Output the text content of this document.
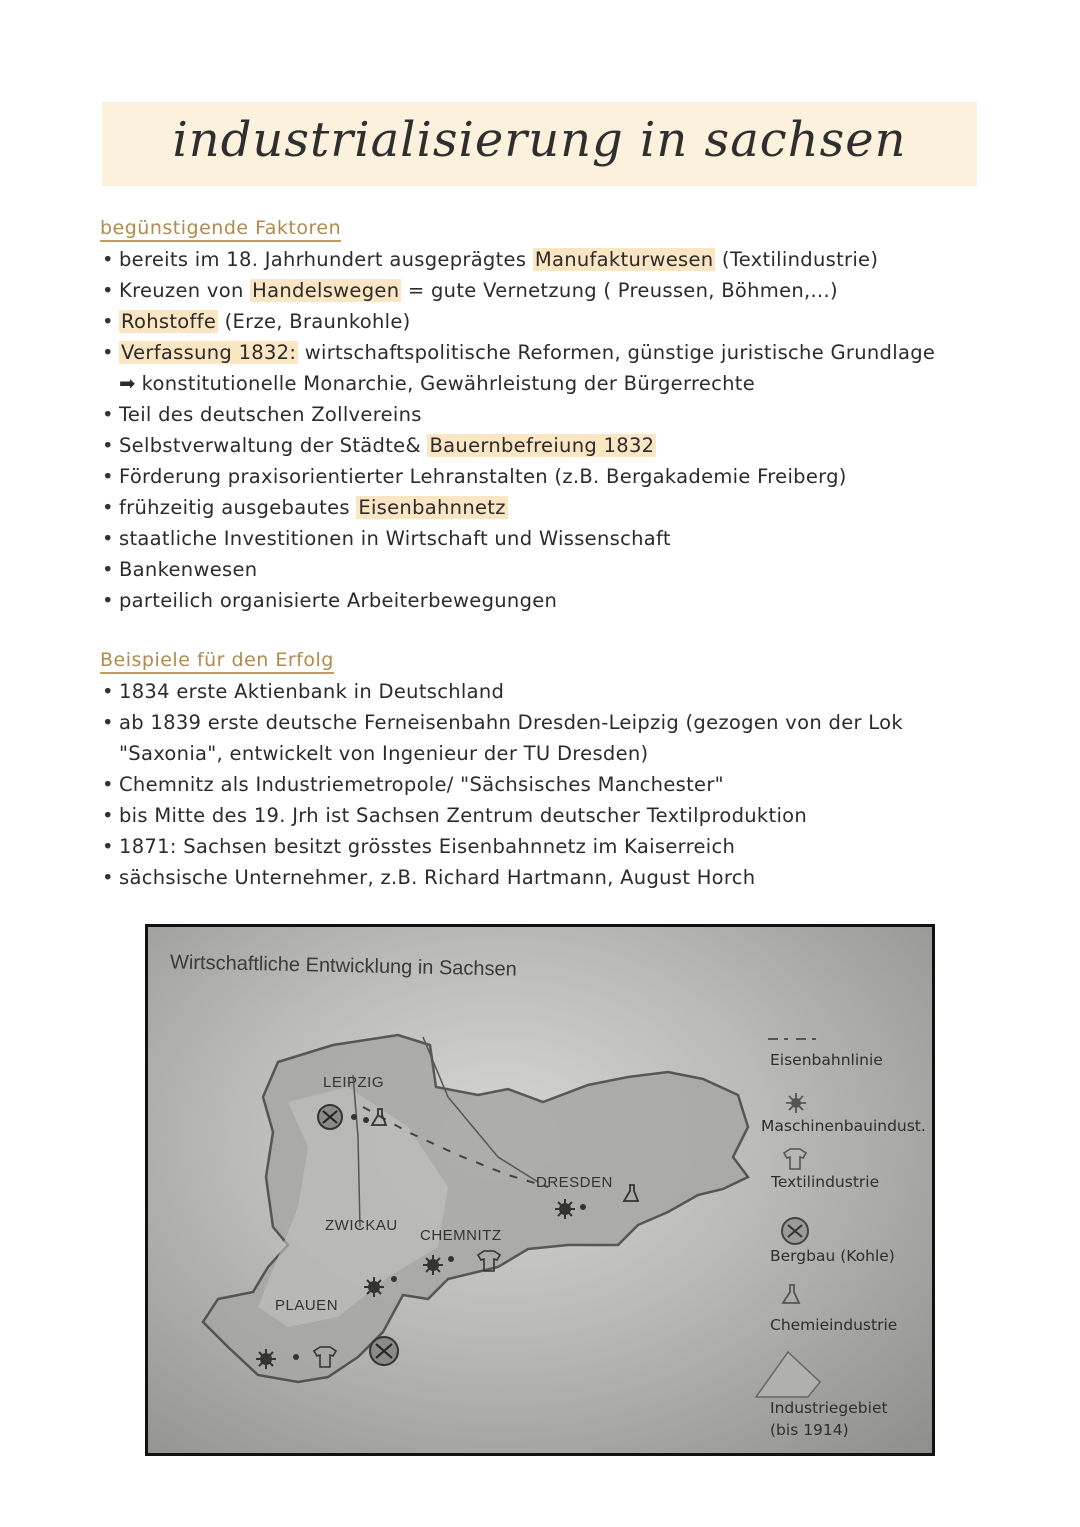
industrialisierung in sachsen
begünstigende Faktoren
• bereits im 18. Jahrhundert ausgeprägtes Manufakturwesen (Textilindustrie)
• Kreuzen von Handelswegen = gute Vernetzung ( Preussen, Böhmen,...)
• Rohstoffe (Erze, Braunkohle)
• Verfassung 1832: wirtschaftspolitische Reformen, günstige juristische Grundlage
➡ konstitutionelle Monarchie, Gewährleistung der Bürgerrechte
• Teil des deutschen Zollvereins
• Selbstverwaltung der Städte& Bauernbefreiung 1832
• Förderung praxisorientierter Lehranstalten (z.B. Bergakademie Freiberg)
• frühzeitig ausgebautes Eisenbahnnetz
• staatliche Investitionen in Wirtschaft und Wissenschaft
• Bankenwesen
• parteilich organisierte Arbeiterbewegungen
Beispiele für den Erfolg
• 1834 erste Aktienbank in Deutschland
• ab 1839 erste deutsche Ferneisenbahn Dresden-Leipzig (gezogen von der Lok
"Saxonia", entwickelt von Ingenieur der TU Dresden)
• Chemnitz als Industriemetropole/ "Sächsisches Manchester"
• bis Mitte des 19. Jrh ist Sachsen Zentrum deutscher Textilproduktion
• 1871: Sachsen besitzt grösstes Eisenbahnnetz im Kaiserreich
• sächsische Unternehmer, z.B. Richard Hartmann, August Horch
Wirtschaftliche Entwicklung in Sachsen
LEIPZIG
DRESDEN
ZWICKAU
CHEMNITZ
PLAUEN
Eisenbahnlinie
Maschinenbauindust.
Textilindustrie
Bergbau (Kohle)
Chemieindustrie
Industriegebiet
(bis 1914)
